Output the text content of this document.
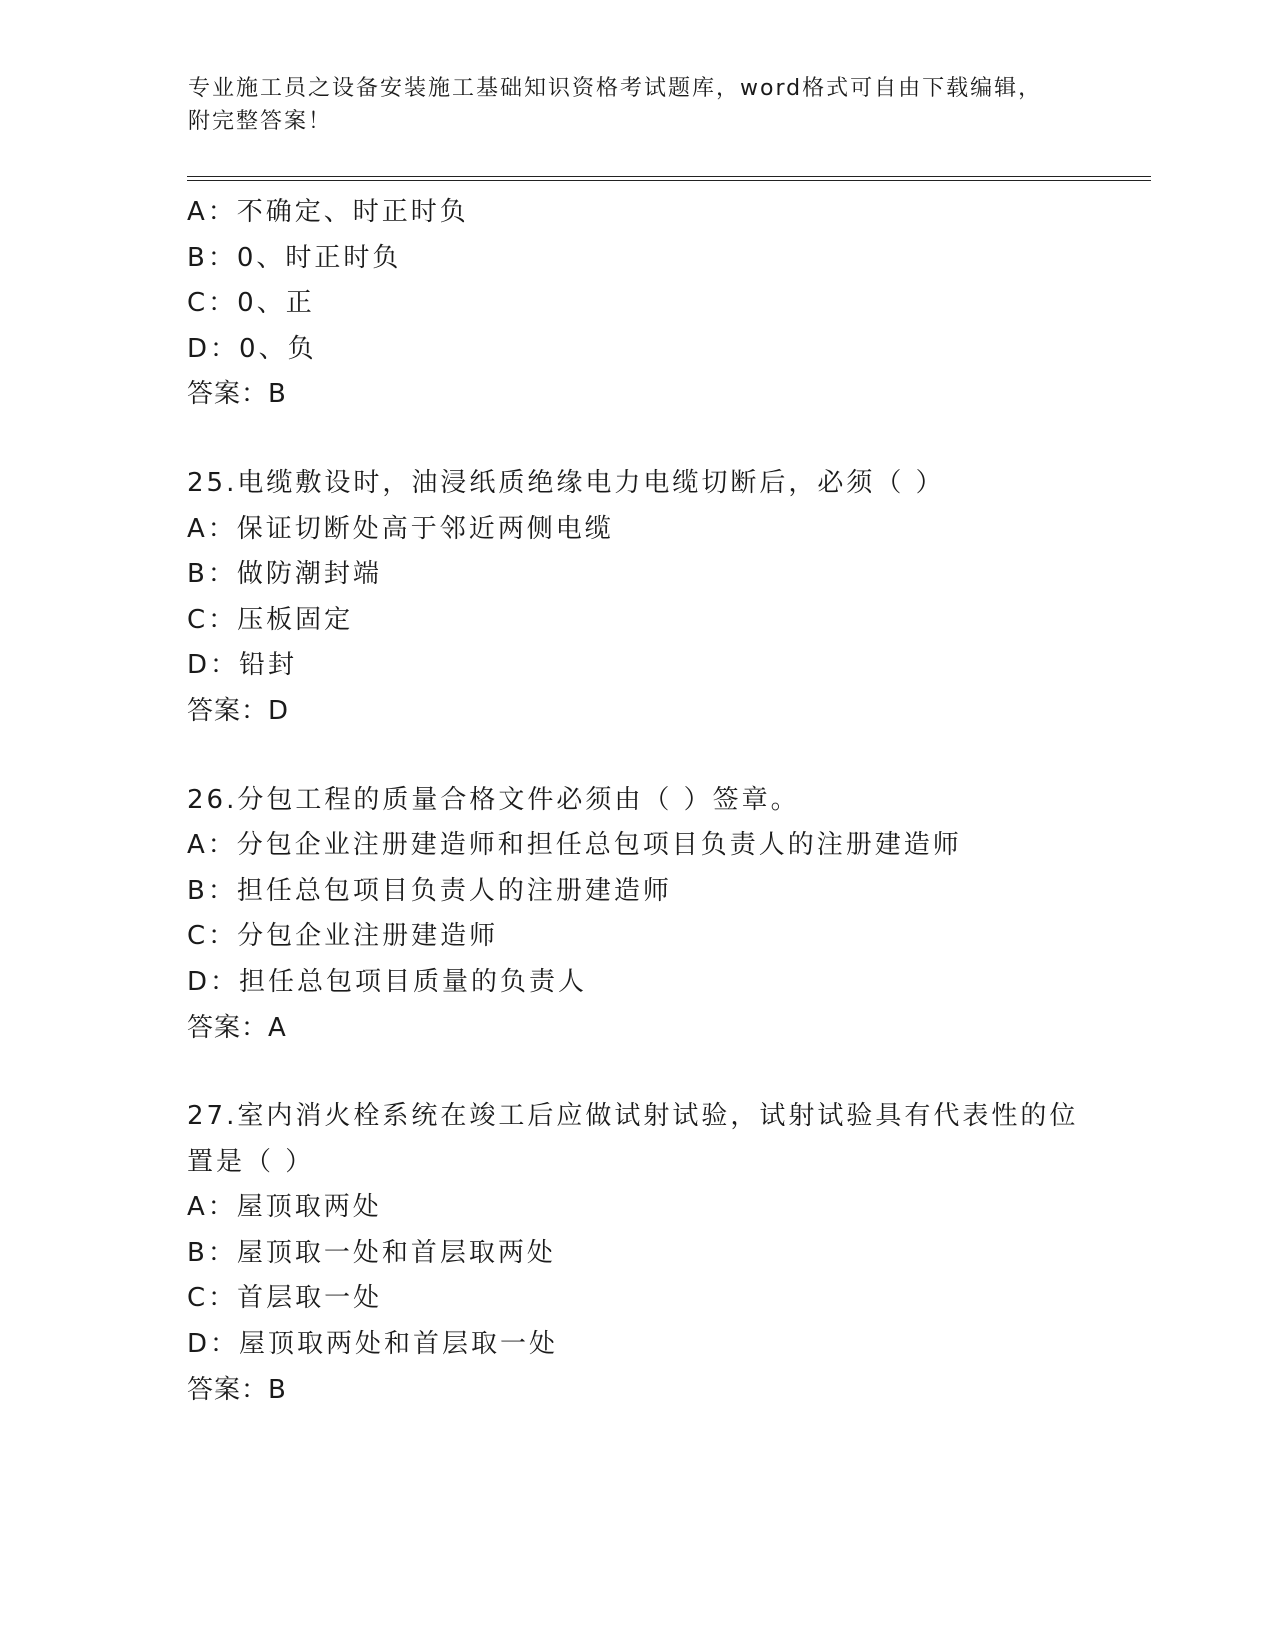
专业施工员之设备安装施工基础知识资格考试题库，word格式可自由下载编辑，
附完整答案！
A：不确定、时正时负
B：0、时正时负
C：0、正
D：0、负
答案：B
25.电缆敷设时，油浸纸质绝缘电力电缆切断后，必须（ ）
A：保证切断处高于邻近两侧电缆
B：做防潮封端
C：压板固定
D：铅封
答案：D
26.分包工程的质量合格文件必须由（ ）签章。
A：分包企业注册建造师和担任总包项目负责人的注册建造师
B：担任总包项目负责人的注册建造师
C：分包企业注册建造师
D：担任总包项目质量的负责人
答案：A
27.室内消火栓系统在竣工后应做试射试验，试射试验具有代表性的位
置是（ ）
A：屋顶取两处
B：屋顶取一处和首层取两处
C：首层取一处
D：屋顶取两处和首层取一处
答案：B
